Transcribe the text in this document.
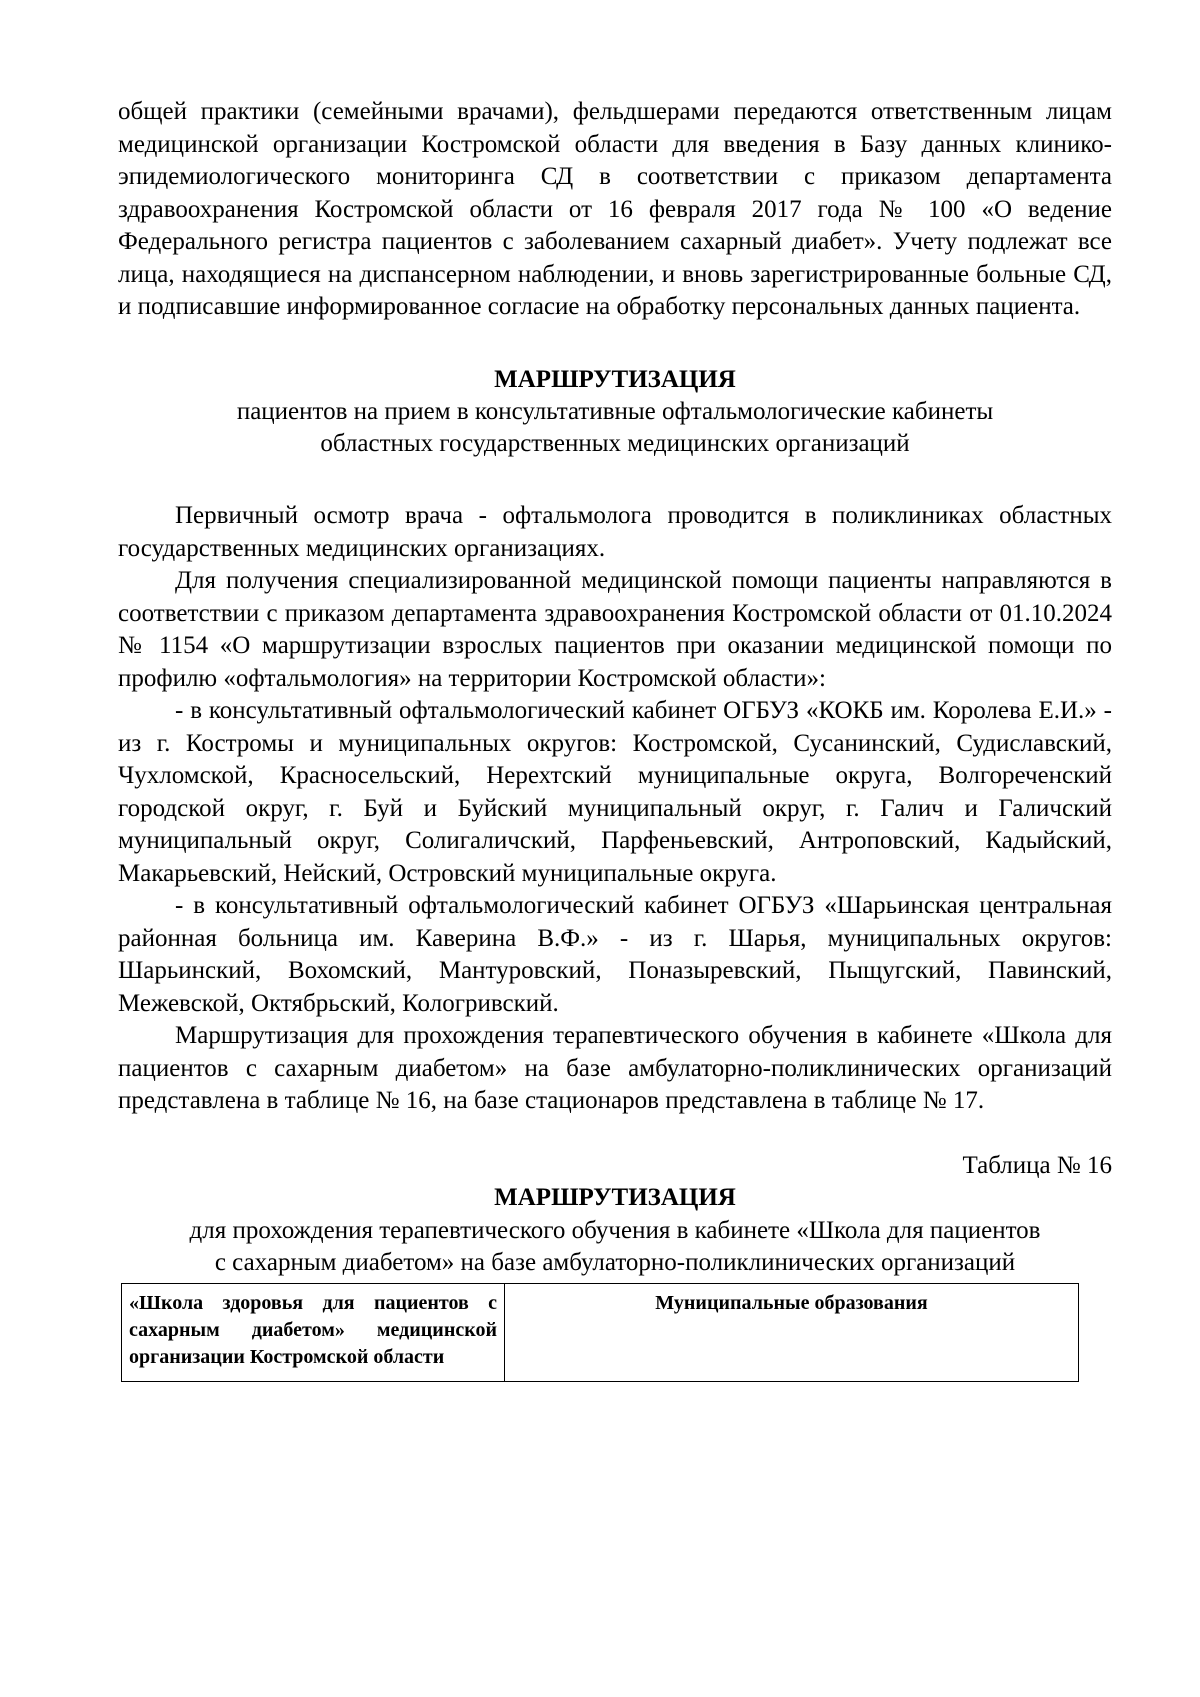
общей практики (семейными врачами), фельдшерами передаются ответственным лицам медицинской организации Костромской области для введения в Базу данных клинико-эпидемиологического мониторинга СД в соответствии с приказом департамента здравоохранения Костромской области от 16 февраля 2017 года № 100 «О ведение Федерального регистра пациентов с заболеванием сахарный диабет». Учету подлежат все лица, находящиеся на диспансерном наблюдении, и вновь зарегистрированные больные СД, и подписавшие информированное согласие на обработку персональных данных пациента.

МАРШРУТИЗАЦИЯ

пациентов на прием в консультативные офтальмологические кабинеты областных государственных медицинских организаций

Первичный осмотр врача - офтальмолога проводится в поликлиниках областных государственных медицинских организациях.

Для получения специализированной медицинской помощи пациенты направляются в соответствии с приказом департамента здравоохранения Костромской области от 01.10.2024 № 1154 «О маршрутизации взрослых пациентов при оказании медицинской помощи по профилю «офтальмология» на территории Костромской области»:

- в консультативный офтальмологический кабинет ОГБУЗ «КОКБ им. Королева Е.И.» - из г. Костромы и муниципальных округов: Костромской, Сусанинский, Судиславский, Чухломской, Красносельский, Нерехтский муниципальные округа, Волгореченский городской округ, г. Буй и Буйский муниципальный округ, г. Галич и Галичский муниципальный округ, Солигаличский, Парфеньевский, Антроповский, Кадыйский, Макарьевский, Нейский, Островский муниципальные округа.

- в консультативный офтальмологический кабинет ОГБУЗ «Шарьинская центральная районная больница им. Каверина В.Ф.» - из г. Шарья, муниципальных округов: Шарьинский, Вохомский, Мантуровский, Поназыревский, Пыщугский, Павинский, Межевской, Октябрьский, Кологривский.

Маршрутизация для прохождения терапевтического обучения в кабинете «Школа для пациентов с сахарным диабетом» на базе амбулаторно-поликлинических организаций представлена в таблице № 16, на базе стационаров представлена в таблице № 17.

Таблица № 16

МАРШРУТИЗАЦИЯ

для прохождения терапевтического обучения в кабинете «Школа для пациентов с сахарным диабетом» на базе амбулаторно-поликлинических организаций

«Школа здоровья для пациентов с сахарным диабетом» медицинской организации Костромской области	Муниципальные образования
